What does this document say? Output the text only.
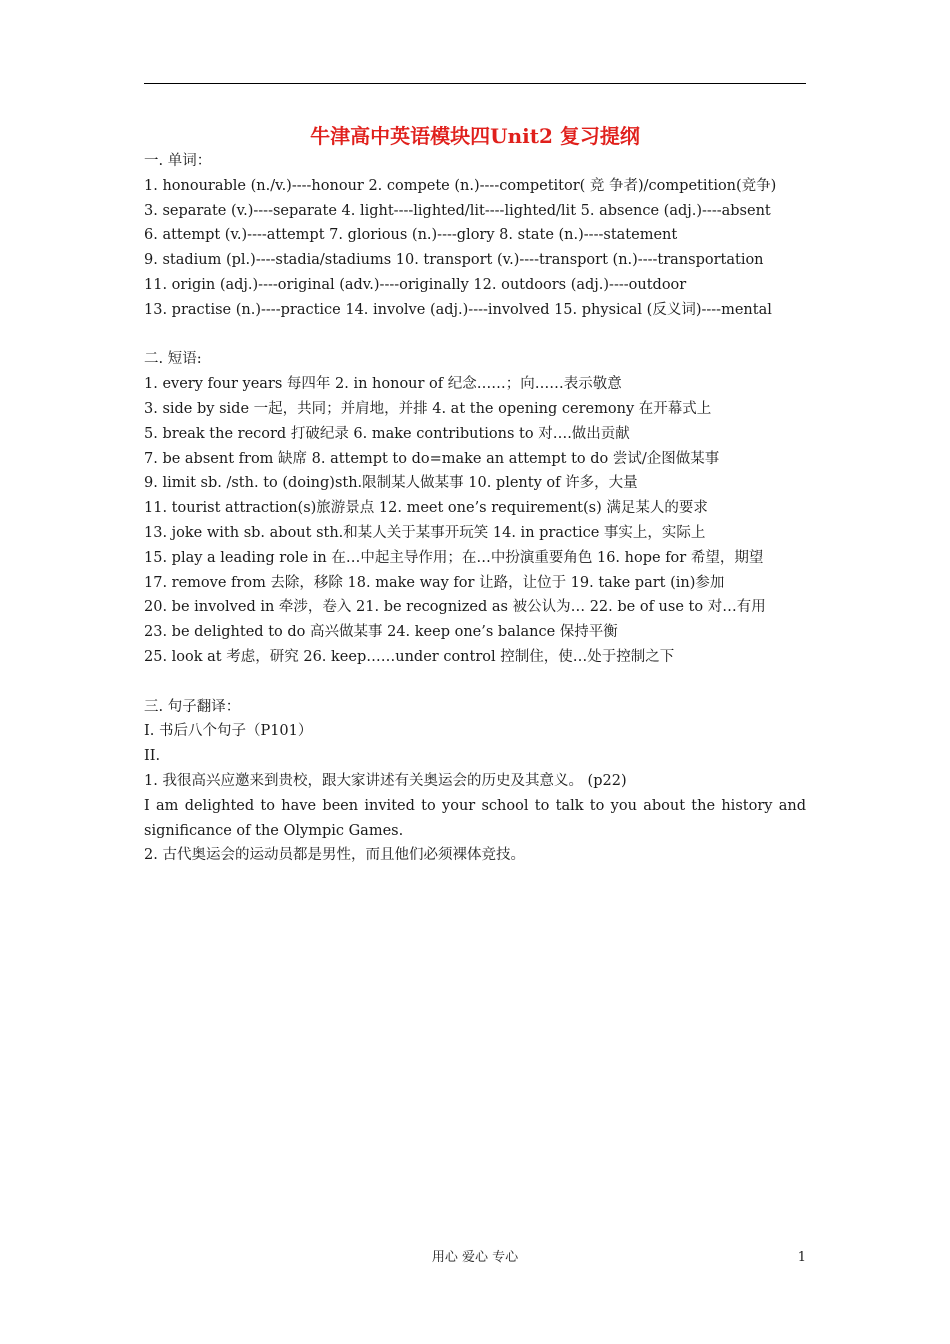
牛津高中英语模块四Unit2 复习提纲

一. 单词：

1. honourable (n./v.)----honour 2. compete (n.)----competitor( 竞 争者)/competition(竞争)

3. separate (v.)----separate 4. light----lighted/lit----lighted/lit 5. absence (adj.)----absent

6. attempt (v.)----attempt 7. glorious (n.)----glory 8. state (n.)----statement

9. stadium (pl.)----stadia/stadiums 10. transport (v.)----transport (n.)----transportation

11. origin (adj.)----original (adv.)----originally 12. outdoors (adj.)----outdoor

13. practise (n.)----practice 14. involve (adj.)----involved 15. physical (反义词)----mental

二. 短语:

1. every four years 每四年 2. in honour of 纪念……；向……表示敬意

3. side by side 一起，共同；并肩地，并排 4. at the opening ceremony 在开幕式上

5. break the record 打破纪录 6. make contributions to 对….做出贡献

7. be absent from 缺席 8. attempt to do=make an attempt to do 尝试/企图做某事

9. limit sb. /sth. to (doing)sth.限制某人做某事 10. plenty of 许多，大量

11. tourist attraction(s)旅游景点 12. meet one’s requirement(s) 满足某人的要求

13. joke with sb. about sth.和某人关于某事开玩笑 14. in practice 事实上，实际上

15. play a leading role in 在…中起主导作用；在…中扮演重要角色 16. hope for 希望，期望

17. remove from 去除，移除 18. make way for 让路，让位于 19. take part (in)参加

20. be involved in 牵涉，卷入 21. be recognized as 被公认为… 22. be of use to 对…有用

23. be delighted to do 高兴做某事 24. keep one’s balance 保持平衡

25. look at 考虑，研究 26. keep……under control 控制住，使…处于控制之下

三. 句子翻译：

I. 书后八个句子（P101）

II.

1. 我很高兴应邀来到贵校，跟大家讲述有关奥运会的历史及其意义。 (p22)

I am delighted to have been invited to your school to talk to you about the history and significance of the Olympic Games.

2. 古代奥运会的运动员都是男性，而且他们必须裸体竞技。

用心 爱心 专心	1
